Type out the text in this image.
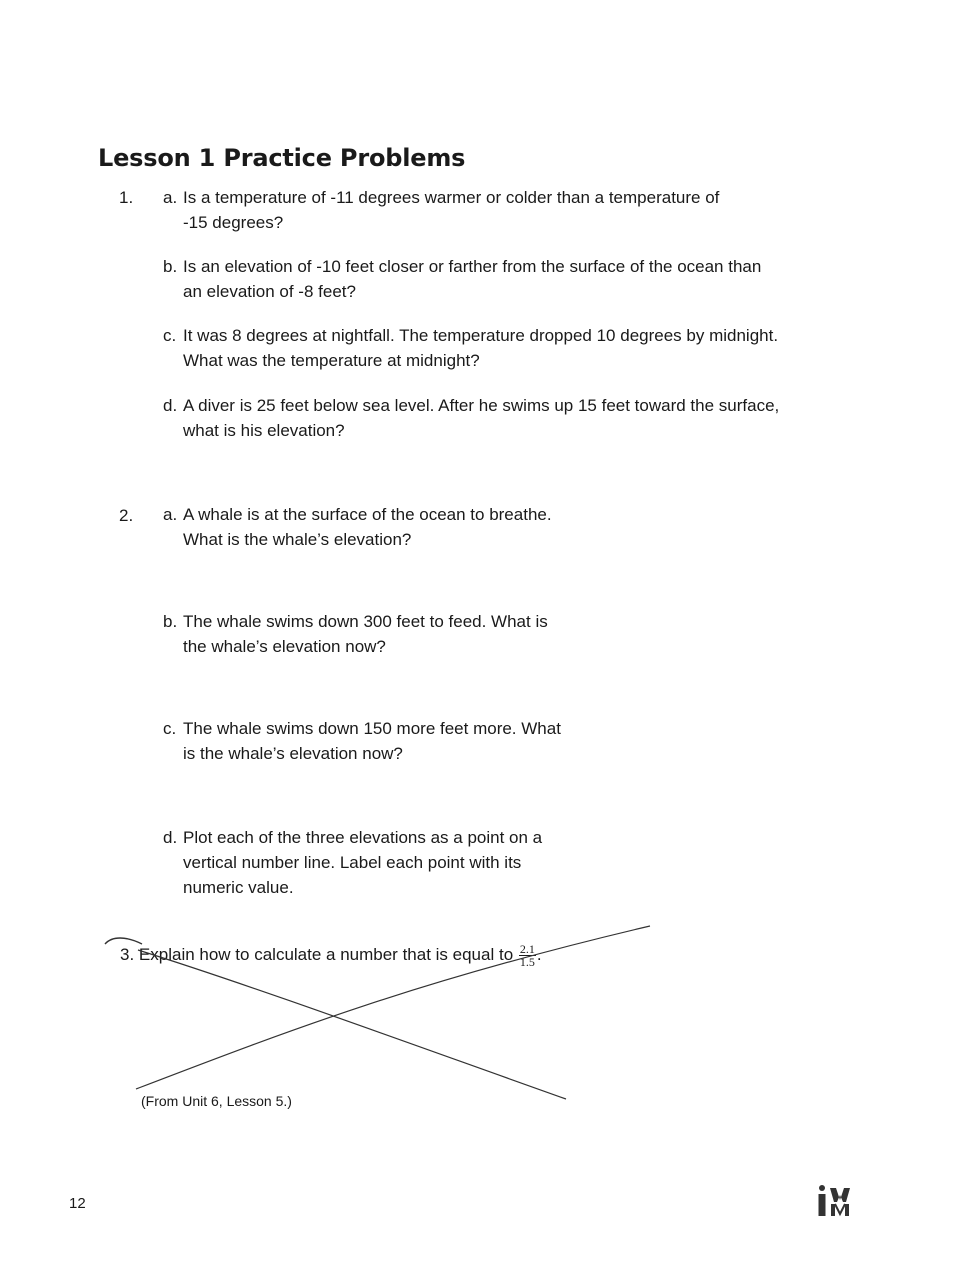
Lesson 1 Practice Problems
1. a. Is a temperature of -11 degrees warmer or colder than a temperature of
-15 degrees?
b. Is an elevation of -10 feet closer or farther from the surface of the ocean than
an elevation of -8 feet?
c. It was 8 degrees at nightfall. The temperature dropped 10 degrees by midnight.
What was the temperature at midnight?
d. A diver is 25 feet below sea level. After he swims up 15 feet toward the surface,
what is his elevation?
2. a. A whale is at the surface of the ocean to breathe.
What is the whale’s elevation?
b. The whale swims down 300 feet to feed. What is
the whale’s elevation now?
c. The whale swims down 150 more feet more. What
is the whale’s elevation now?
d. Plot each of the three elevations as a point on a
vertical number line. Label each point with its
numeric value.
3. Explain how to calculate a number that is equal to $\frac{2.1}{1.5}$ .
(From Unit 6, Lesson 5.)
12
